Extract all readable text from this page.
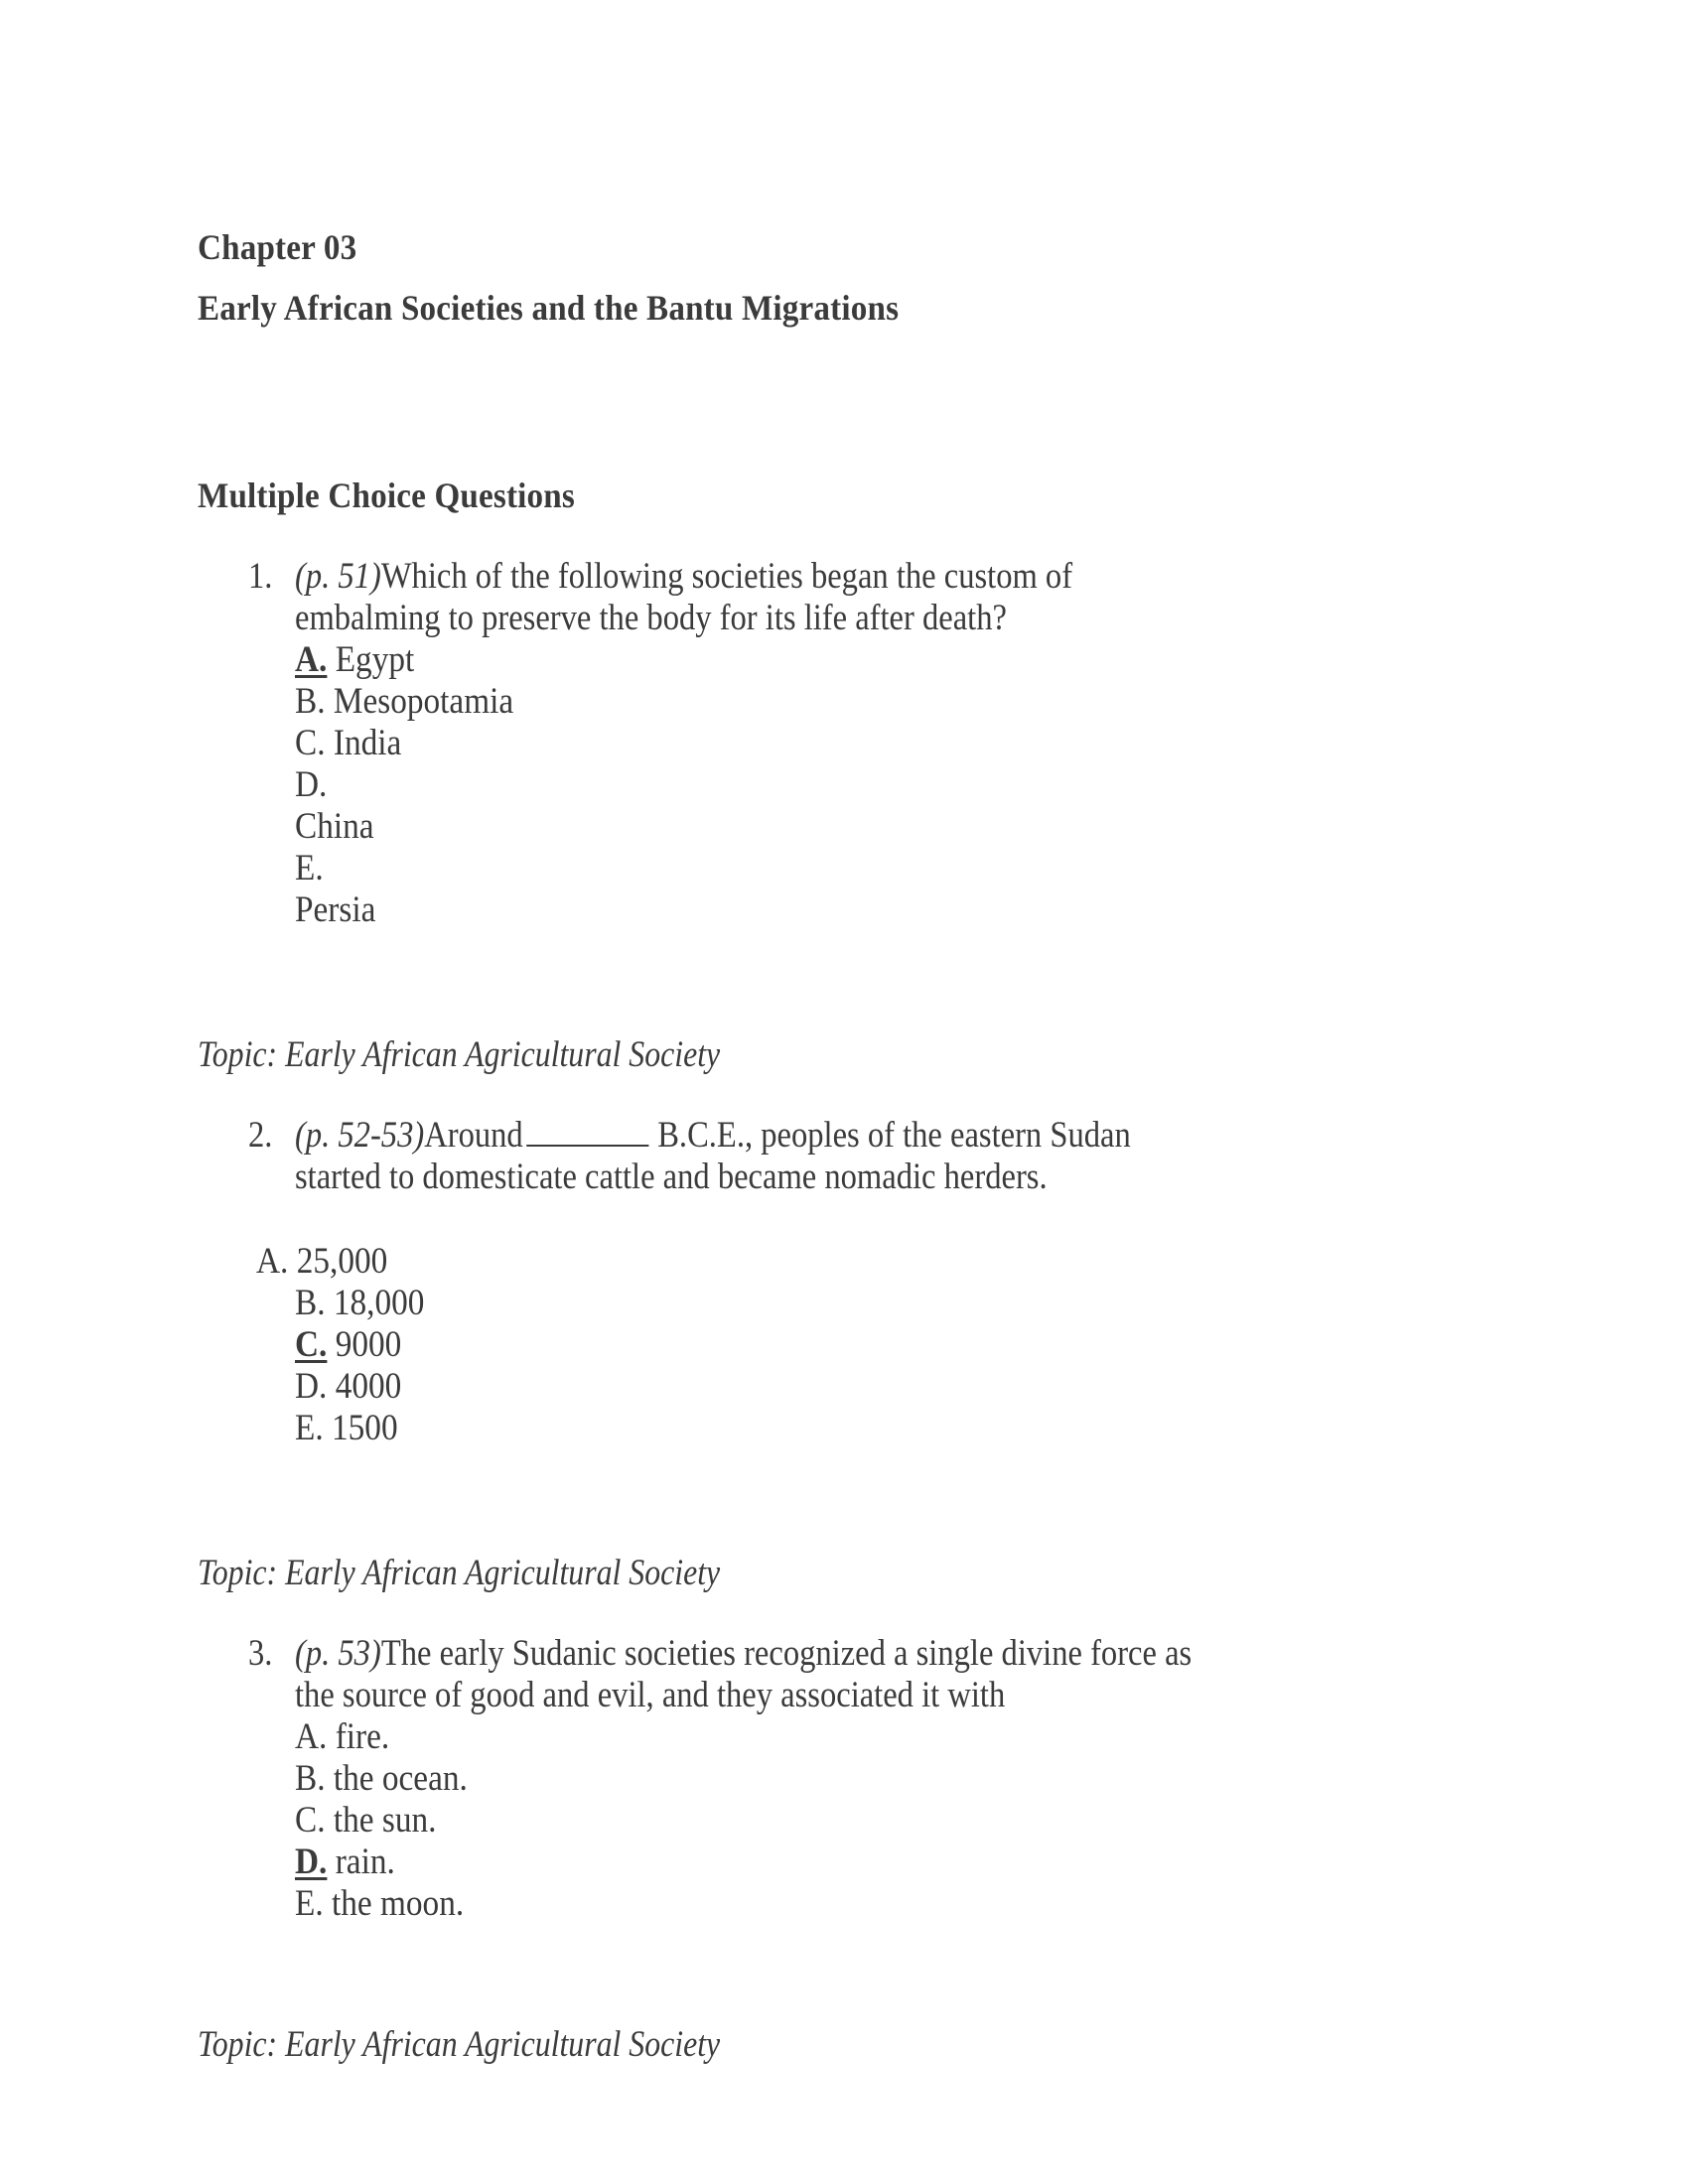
Chapter 03
Early African Societies and the Bantu Migrations
Multiple Choice Questions
1. (p. 51)Which of the following societies began the custom of
embalming to preserve the body for its life after death?
A. Egypt
B. Mesopotamia
C. India
D.
China
E.
Persia
Topic: Early African Agricultural Society
2. (p. 52-53)Around	B.C.E., peoples of the eastern Sudan
started to domesticate cattle and became nomadic herders.
A. 25,000
B. 18,000
C. 9000
D. 4000
E. 1500
Topic: Early African Agricultural Society
3. (p. 53)The early Sudanic societies recognized a single divine force as
the source of good and evil, and they associated it with
A. fire.
B. the ocean.
C. the sun.
D. rain.
E. the moon.
Topic: Early African Agricultural Society
